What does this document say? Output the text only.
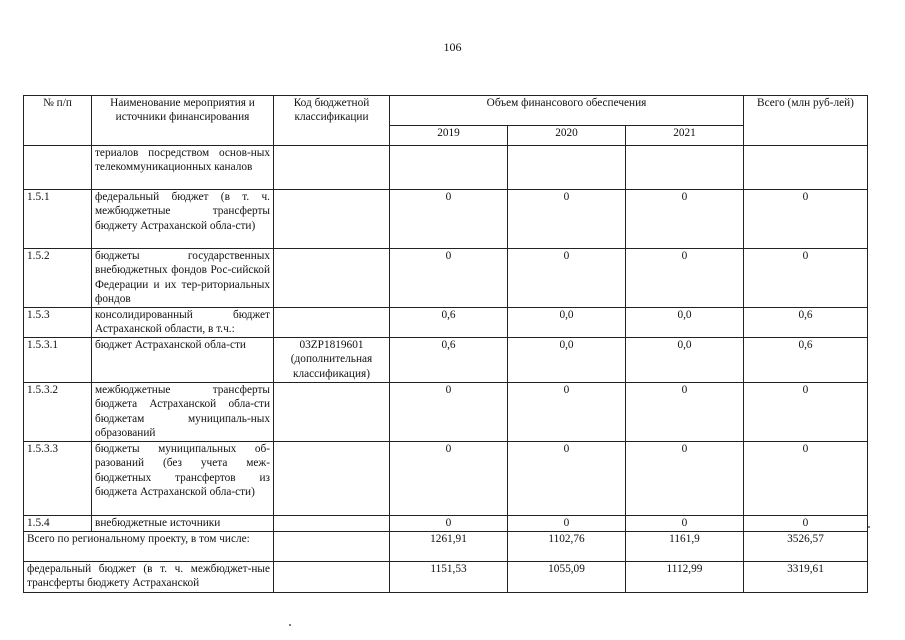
106
№ п/п	Наименование мероприятия и источники финансирования	Код бюджетной классификации	Объем финансового обеспечения			Всего (млн руб-лей)
			2019	2020	2021	
	териалов посредством основ-ных телекоммуникационных каналов					
1.5.1	федеральный бюджет (в т. ч. межбюджетные трансферты бюджету Астраханской обла-сти)		0	0	0	0
1.5.2	бюджеты государственных внебюджетных фондов Рос-сийской Федерации и их тер-риториальных фондов		0	0	0	0
1.5.3	консолидированный бюджет Астраханской области, в т.ч.:		0,6	0,0	0,0	0,6
1.5.3.1	бюджет Астраханской обла-сти	03ZP1819601 (дополнительная классификация)	0,6	0,0	0,0	0,6
1.5.3.2	межбюджетные трансферты бюджета Астраханской обла-сти бюджетам муниципаль-ных образований		0	0	0	0
1.5.3.3	бюджеты муниципальных об-разований (без учета меж-бюджетных трансфертов из бюджета Астраханской обла-сти)		0	0	0	0
1.5.4	внебюджетные источники		0	0	0	0
Всего по региональному проекту, в том числе:			1261,91	1102,76	1161,9	3526,57
федеральный бюджет (в т. ч. межбюджет-ные трансферты бюджету Астраханской			1151,53	1055,09	1112,99	3319,61
